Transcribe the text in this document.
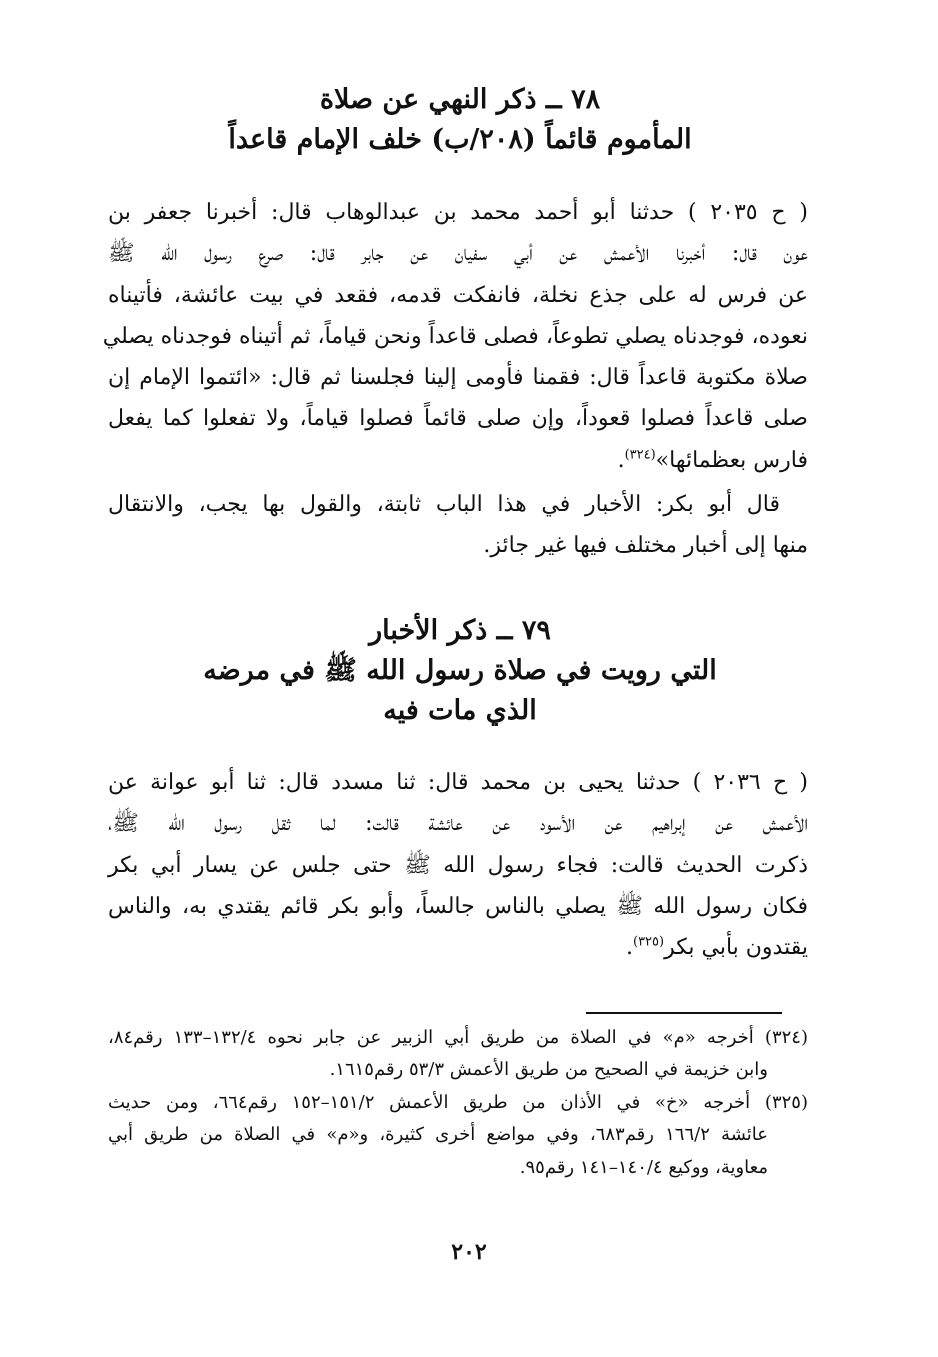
٧٨ ــ ذكر النهي عن صلاة
المأموم قائماً (٢٠٨/ب) خلف الإمام قاعداً
( ح ٢٠٣٥ ) حدثنا أبو أحمد محمد بن عبدالوهاب قال: أخبرنا جعفر بن
عون قال: أخبرنا الأعمش عن أبي سفيان عن جابر قال: صرع رسول الله ﷺ
عن فرس له على جذع نخلة، فانفكت قدمه، فقعد في بيت عائشة، فأتيناه
نعوده، فوجدناه يصلي تطوعاً، فصلى قاعداً ونحن قياماً، ثم أتيناه فوجدناه يصلي
صلاة مكتوبة قاعداً قال: فقمنا فأومى إلينا فجلسنا ثم قال: «ائتموا الإمام إن
صلى قاعداً فصلوا قعوداً، وإن صلى قائماً فصلوا قياماً، ولا تفعلوا كما يفعل
فارس بعظمائها»$^{(٣٢٤)}$.
قال أبو بكر: الأخبار في هذا الباب ثابتة، والقول بها يجب، والانتقال
منها إلى أخبار مختلف فيها غير جائز.
٧٩ ــ ذكر الأخبار
التي رويت في صلاة رسول الله ﷺ في مرضه
الذي مات فيه
( ح ٢٠٣٦ ) حدثنا يحيى بن محمد قال: ثنا مسدد قال: ثنا أبو عوانة عن
الأعمش عن إبراهيم عن الأسود عن عائشة قالت: لما ثقل رسول الله ﷺ،
ذكرت الحديث قالت: فجاء رسول الله ﷺ حتى جلس عن يسار أبي بكر
فكان رسول الله ﷺ يصلي بالناس جالساً، وأبو بكر قائم يقتدي به، والناس
يقتدون بأبي بكر$^{(٣٢٥)}$.
(٣٢٤) أخرجه «م» في الصلاة من طريق أبي الزبير عن جابر نحوه ١٣٢/٤–١٣٣ رقم٨٤،
وابن خزيمة في الصحيح من طريق الأعمش ٥٣/٣ رقم١٦١٥.
(٣٢٥) أخرجه «خ» في الأذان من طريق الأعمش ١٥١/٢–١٥٢ رقم٦٦٤، ومن حديث
عائشة ١٦٦/٢ رقم٦٨٣، وفي مواضع أخرى كثيرة، و«م» في الصلاة من طريق أبي
معاوية، ووكيع ١٤٠/٤–١٤١ رقم٩٥.
٢٠٢
